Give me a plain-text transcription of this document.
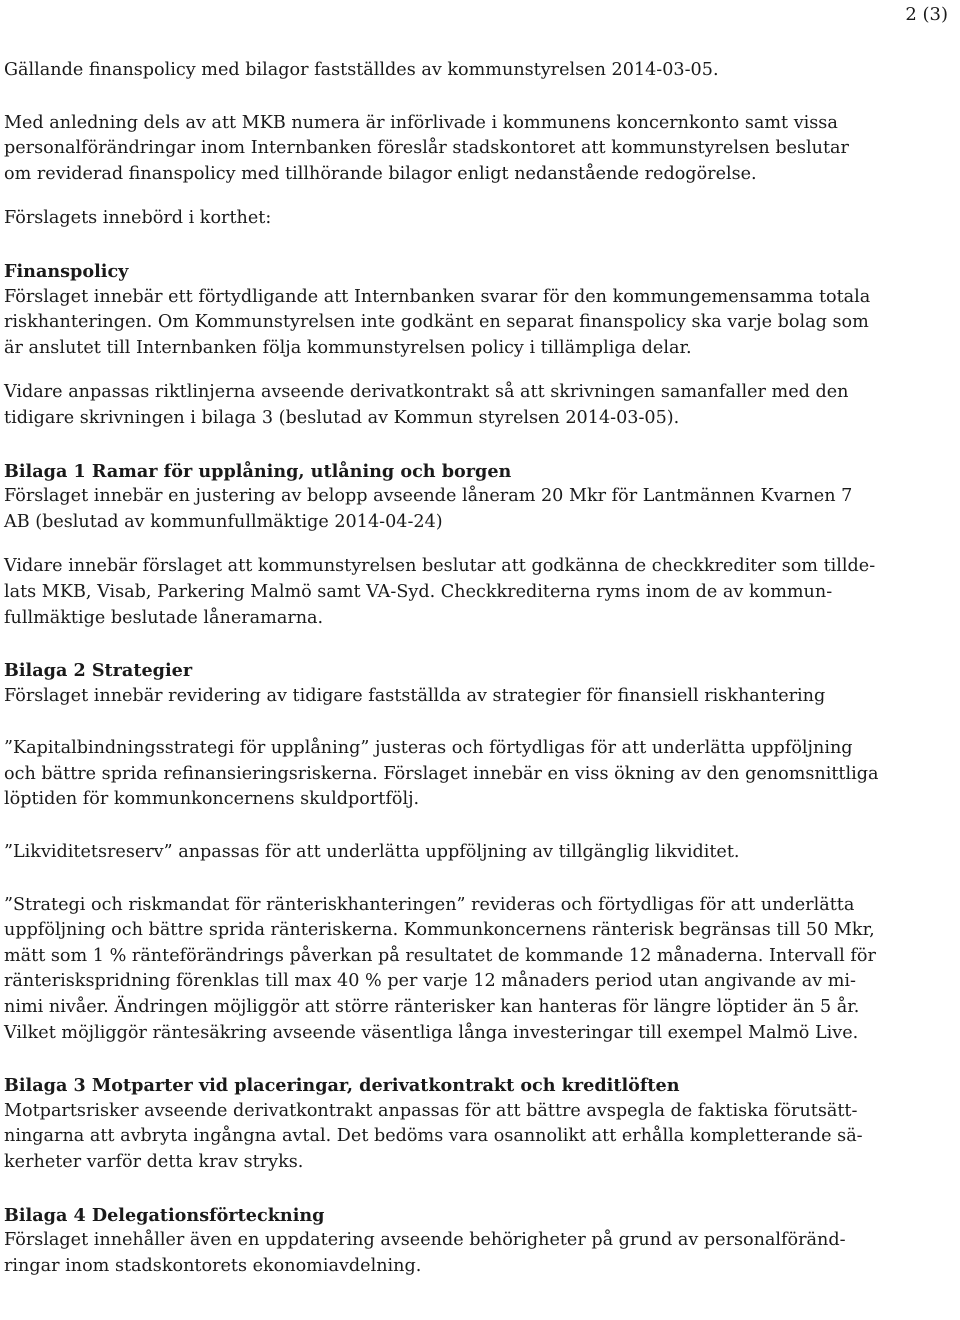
2 (3)

Gällande finanspolicy med bilagor fastställdes av kommunstyrelsen 2014-03-05.

Med anledning dels av att MKB numera är införlivade i kommunens koncernkonto samt vissa
personalförändringar inom Internbanken föreslår stadskontoret att kommunstyrelsen beslutar
om reviderad finanspolicy med tillhörande bilagor enligt nedanstående redogörelse.

Förslagets innebörd i korthet:

Finanspolicy
Förslaget innebär ett förtydligande att Internbanken svarar för den kommungemensamma totala
riskhanteringen. Om Kommunstyrelsen inte godkänt en separat finanspolicy ska varje bolag som
är anslutet till Internbanken följa kommunstyrelsen policy i tillämpliga delar.

Vidare anpassas riktlinjerna avseende derivatkontrakt så att skrivningen samanfaller med den
tidigare skrivningen i bilaga 3 (beslutad av Kommun styrelsen 2014-03-05).

Bilaga 1 Ramar för upplåning, utlåning och borgen
Förslaget innebär en justering av belopp avseende låneram 20 Mkr för Lantmännen Kvarnen 7
AB (beslutad av kommunfullmäktige 2014-04-24)

Vidare innebär förslaget att kommunstyrelsen beslutar att godkänna de checkkrediter som tillde-
lats MKB, Visab, Parkering Malmö samt VA-Syd. Checkkrediterna ryms inom de av kommun-
fullmäktige beslutade låneramarna.

Bilaga 2 Strategier
Förslaget innebär revidering av tidigare fastställda av strategier för finansiell riskhantering

”Kapitalbindningsstrategi för upplåning” justeras och förtydligas för att underlätta uppföljning
och bättre sprida refinansieringsriskerna. Förslaget innebär en viss ökning av den genomsnittliga
löptiden för kommunkoncernens skuldportfölj.

”Likviditetsreserv” anpassas för att underlätta uppföljning av tillgänglig likviditet.

”Strategi och riskmandat för ränteriskhanteringen” revideras och förtydligas för att underlätta
uppföljning och bättre sprida ränteriskerna. Kommunkoncernens ränterisk begränsas till 50 Mkr,
mätt som 1 % ränteförändrings påverkan på resultatet de kommande 12 månaderna. Intervall för
ränteriskspridning förenklas till max 40 % per varje 12 månaders period utan angivande av mi-
nimi nivåer. Ändringen möjliggör att större ränterisker kan hanteras för längre löptider än 5 år.
Vilket möjliggör räntesäkring avseende väsentliga långa investeringar till exempel Malmö Live.

Bilaga 3 Motparter vid placeringar, derivatkontrakt och kreditlöften
Motpartsrisker avseende derivatkontrakt anpassas för att bättre avspegla de faktiska förutsätt-
ningarna att avbryta ingångna avtal. Det bedöms vara osannolikt att erhålla kompletterande sä-
kerheter varför detta krav stryks.
Bilaga 4 Delegationsförteckning
Förslaget innehåller även en uppdatering avseende behörigheter på grund av personalföränd-
ringar inom stadskontorets ekonomiavdelning.
